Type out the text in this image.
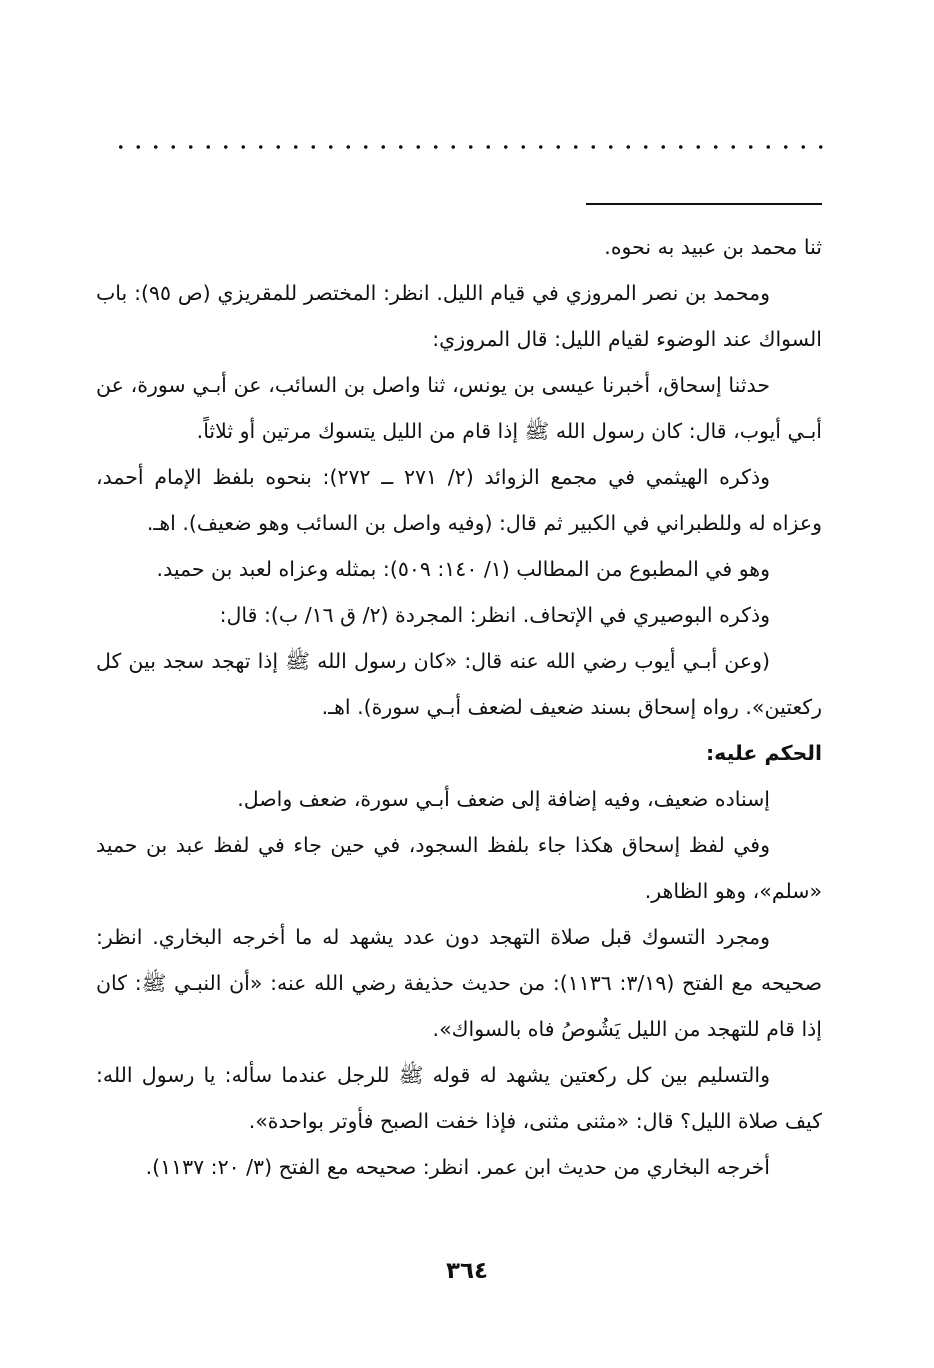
ثنا محمد بن عبيد به نحوه.

ومحمد بن نصر المروزي في قيام الليل. انظر: المختصر للمقريزي (ص ٩٥): باب السواك عند الوضوء لقيام الليل: قال المروزي:

حدثنا إسحاق، أخبرنا عيسى بن يونس، ثنا واصل بن السائب، عن أبـي سورة، عن أبـي أيوب، قال: كان رسول الله ﷺ إذا قام من الليل يتسوك مرتين أو ثلاثاً.

وذكره الهيثمي في مجمع الزوائد (٢/ ٢٧١ ــ ٢٧٢): بنحوه بلفظ الإمام أحمد، وعزاه له وللطبراني في الكبير ثم قال: (وفيه واصل بن السائب وهو ضعيف). اهـ.

وهو في المطبوع من المطالب (١/ ١٤٠: ٥٠٩): بمثله وعزاه لعبد بن حميد.

وذكره البوصيري في الإتحاف. انظر: المجردة (٢/ ق ١٦/ ب): قال:

(وعن أبـي أيوب رضي الله عنه قال: «كان رسول الله ﷺ إذا تهجد سجد بين كل ركعتين». رواه إسحاق بسند ضعيف لضعف أبـي سورة). اهـ.

الحكم عليه:

إسناده ضعيف، وفيه إضافة إلى ضعف أبـي سورة، ضعف واصل.

وفي لفظ إسحاق هكذا جاء بلفظ السجود، في حين جاء في لفظ عبد بن حميد «سلم»، وهو الظاهر.

ومجرد التسوك قبل صلاة التهجد دون عدد يشهد له ما أخرجه البخاري. انظر: صحيحه مع الفتح (٣/١٩: ١١٣٦): من حديث حذيفة رضي الله عنه: «أن النبـي ﷺ: كان إذا قام للتهجد من الليل يَشُوصُ فاه بالسواك».

والتسليم بين كل ركعتين يشهد له قوله ﷺ للرجل عندما سأله: يا رسول الله: كيف صلاة الليل؟ قال: «مثنى مثنى، فإذا خفت الصبح فأوتر بواحدة».

أخرجه البخاري من حديث ابن عمر. انظر: صحيحه مع الفتح (٣/ ٢٠: ١١٣٧).

٣٦٤
